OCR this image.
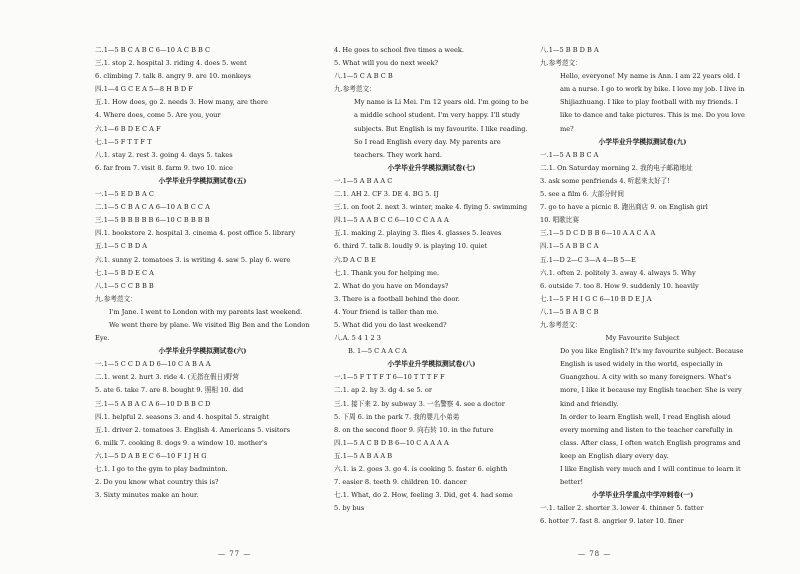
二.1—5 B C A B C 6—10 A C B B C
三.1. stop 2. hospital 3. riding 4. does 5. went
6. climbing 7. talk 8. angry 9. are 10. monkeys
四.1—4 G C E A 5—8 H B D F
五.1. How does, go 2. needs 3. How many, are there
4. Where does, come 5. Are you, your
六.1—6 B D E C A F
七.1—5 F T T F T
八.1. stay 2. rest 3. going 4. days 5. takes
6. far from 7. visit 8. farm 9. two 10. nice
小学毕业升学模拟测试卷(五)
一.1—5 E D B A C
二.1—5 C B A C A 6—10 A B C C A
三.1—5 B B B B B 6—10 C B B B B
四.1. bookstore 2. hospital 3. cinema 4. post office 5. library
五.1—5 C B D A
六.1. sunny 2. tomatoes 3. is writing 4. saw 5. play 6. were
七.1—5 B D E C A
八.1—5 C C B B B
九.参考范文：
I'm Jane. I went to London with my parents last weekend.
We went there by plane. We visited Big Ben and the London
Eye.
小学毕业升学模拟测试卷(六)
一.1—5 C C D A D 6—10 C A B A A
二.1. went 2. hurt 3. ride 4. (无指在假日)野营
5. ate 6. take 7. are 8. bought 9. 照相 10. did
三.1—5 A B A C A 6—10 D B B C D
四.1. helpful 2. seasons 3. and 4. hospital 5. straight
五.1. driver 2. tomatoes 3. English 4. Americans 5. visitors
6. milk 7. cooking 8. dogs 9. a window 10. mother's
六.1—5 D A B E C 6—10 F I J H G
七.1. I go to the gym to play badminton.
2. Do you know what country this is?
3. Sixty minutes make an hour.
4. He goes to school five times a week.
5. What will you do next week?
八.1—5 C A B C B
九.参考范文：
My name is Li Mei. I'm 12 years old. I'm going to be a middle school student. I'm very happy. I'll study subjects. But English is my favourite. I like reading. So I read English every day. My parents are teachers. They work hard.
小学毕业升学模拟测试卷(七)
一.1—5 A B A A C
二.1. AH 2. CF 3. DE 4. BG 5. IJ
三.1. on foot 2. next 3. winter, make 4. flying 5. swimming
四.1—5 A A B C C 6—10 C C A A A
五.1. making 2. playing 3. flies 4. glasses 5. leaves
6. third 7. talk 8. loudly 9. is playing 10. quiet
六.D A C B E
七.1. Thank you for helping me.
2. What do you have on Mondays?
3. There is a football behind the door.
4. Your friend is taller than me.
5. What did you do last weekend?
八.A. 5 4 1 2 3
B. 1—5 C A A C A
小学毕业升学模拟测试卷(八)
一.1—5 F T T F T 6—10 T T T F F
二.1. ap 2. hy 3. dg 4. se 5. or
三.1. 接下来 2. by subway 3. 一名警察 4. see a doctor
5. 下周 6. in the park 7. 我的婴儿小弟弟
8. on the second floor 9. 向右转 10. in the future
四.1—5 A C B D B 6—10 C A A A A
五.1—5 A B A A B
六.1. is 2. goes 3. go 4. is cooking 5. faster 6. eighth
7. easier 8. teeth 9. children 10. dancer
七.1. What, do 2. How, feeling 3. Did, get 4. had some
5. by bus
八.1—5 B B D B A
九.参考范文：
Hello, everyone! My name is Ann. I am 22 years old. I am a nurse. I go to work by bike. I love my job. I live in Shijiazhuang. I like to play football with my friends. I like to dance and take pictures. This is me. Do you love me?
小学毕业升学模拟测试卷(九)
一.1—5 A B B C A
二.1. On Saturday morning 2. 我的电子邮箱地址
3. ask some penfriends 4. 听起来太好了!
5. see a film 6. 大部分时间
7. go to have a picnic 8. 跑出商店 9. on English girl
10. 唱歌比赛
三.1—5 D C D B B 6—10 A A C A A
四.1—5 A B B C A
五.1—D 2—C 3—A 4—B 5—E
六.1. often 2. politely 3. away 4. always 5. Why
6. outside 7. too 8. How 9. suddenly 10. heavily
七.1—5 F H I G C 6—10 B D E J A
八.1—5 B A B C B
九.参考范文：
My Favourite Subject
Do you like English? It's my favourite subject. Because English is used widely in the world, especially in Guangzhou. A city with so many foreigners. What's more, I like it because my English teacher. She is very kind and friendly.
In order to learn English well, I read English aloud every morning and listen to the teacher carefully in class. After class, I often watch English programs and keep an English diary every day.
I like English very much and I will continue to learn it better!
小学毕业升学重点中学冲刺卷(一)
一.1. taller 2. shorter 3. lower 4. thinner 5. fatter
6. hotter 7. fast 8. angrier 9. later 10. finer
— 77 —	— 78 —
